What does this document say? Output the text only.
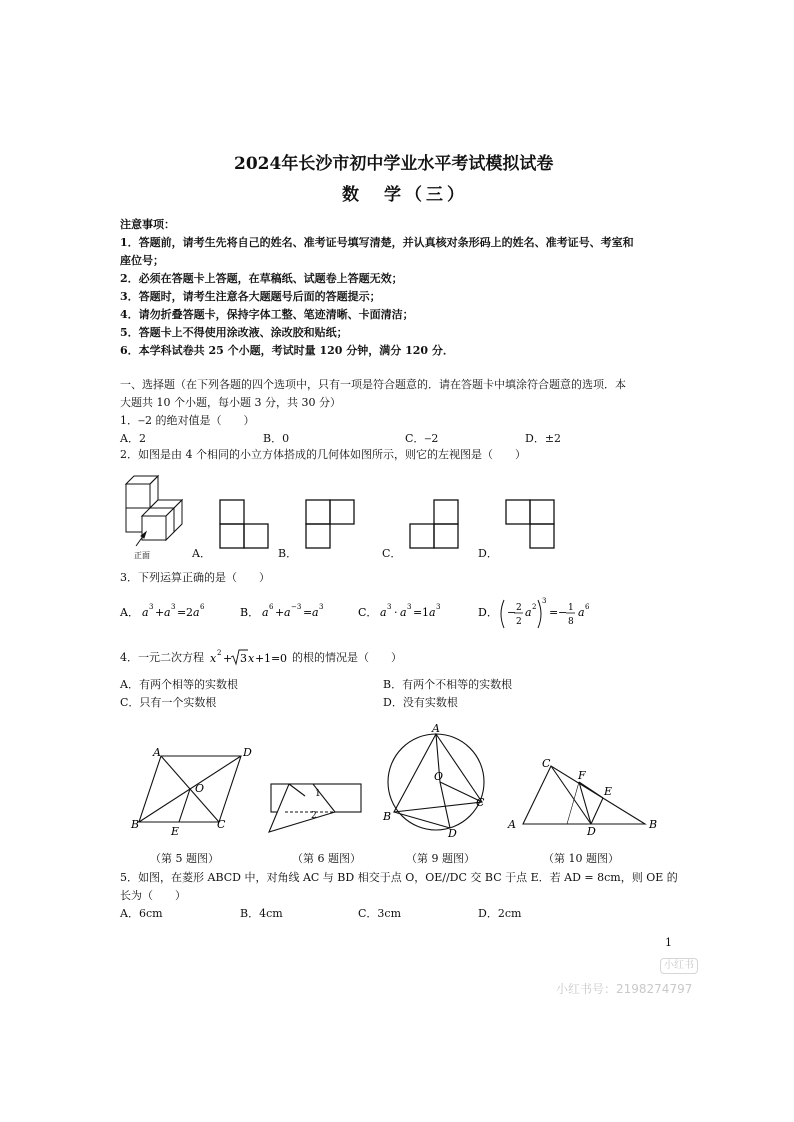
2024年长沙市初中学业水平考试模拟试卷
数　学（三）
注意事项：
1．答题前，请考生先将自己的姓名、准考证号填写清楚，并认真核对条形码上的姓名、准考证号、考室和
座位号；
2．必须在答题卡上答题，在草稿纸、试题卷上答题无效；
3．答题时，请考生注意各大题题号后面的答题提示；
4．请勿折叠答题卡，保持字体工整、笔迹清晰、卡面清洁；
5．答题卡上不得使用涂改液、涂改胶和贴纸；
6．本学科试卷共 25 个小题，考试时量 120 分钟，满分 120 分．
一、选择题（在下列各题的四个选项中，只有一项是符合题意的．请在答题卡中填涂符合题意的选项．本
大题共 10 个小题，每小题 3 分，共 30 分）
1．‒2 的绝对值是（　　）
A．2	B．0	C．‒2	D．±2
2．如图是由 4 个相同的小立方体搭成的几何体如图所示，则它的左视图是（　　）
正面	A．	B．	C．	D．
3．下列运算正确的是（　　）
A． a 3 + a 3 = 2 a 6	B． a 6 + a −3 = a 3	C． a 3 · a 3 = 1 a 3	D． − 2
2
a 2
3
= − 1
8
a 6
4．一元二次方程 x 2 + 3 x + 1 = 0 的根的情况是（　　）
A．有两个相等的实数根	B．有两个不相等的实数根
C．只有一个实数根	D．没有实数根
A	D
O
B
E
C
1
2
A
O
B
C
D
C
F
E
A
D
B
（第 5 题图）	（第 6 题图）	（第 9 题图）	（第 10 题图）
5．如图，在菱形 ABCD 中，对角线 AC 与 BD 相交于点 O，OE//DC 交 BC 于点 E．若 AD = 8cm，则 OE 的
长为（　　）
A．6cm	B．4cm	C．3cm	D．2cm
1
小红书
小红书号：2198274797
